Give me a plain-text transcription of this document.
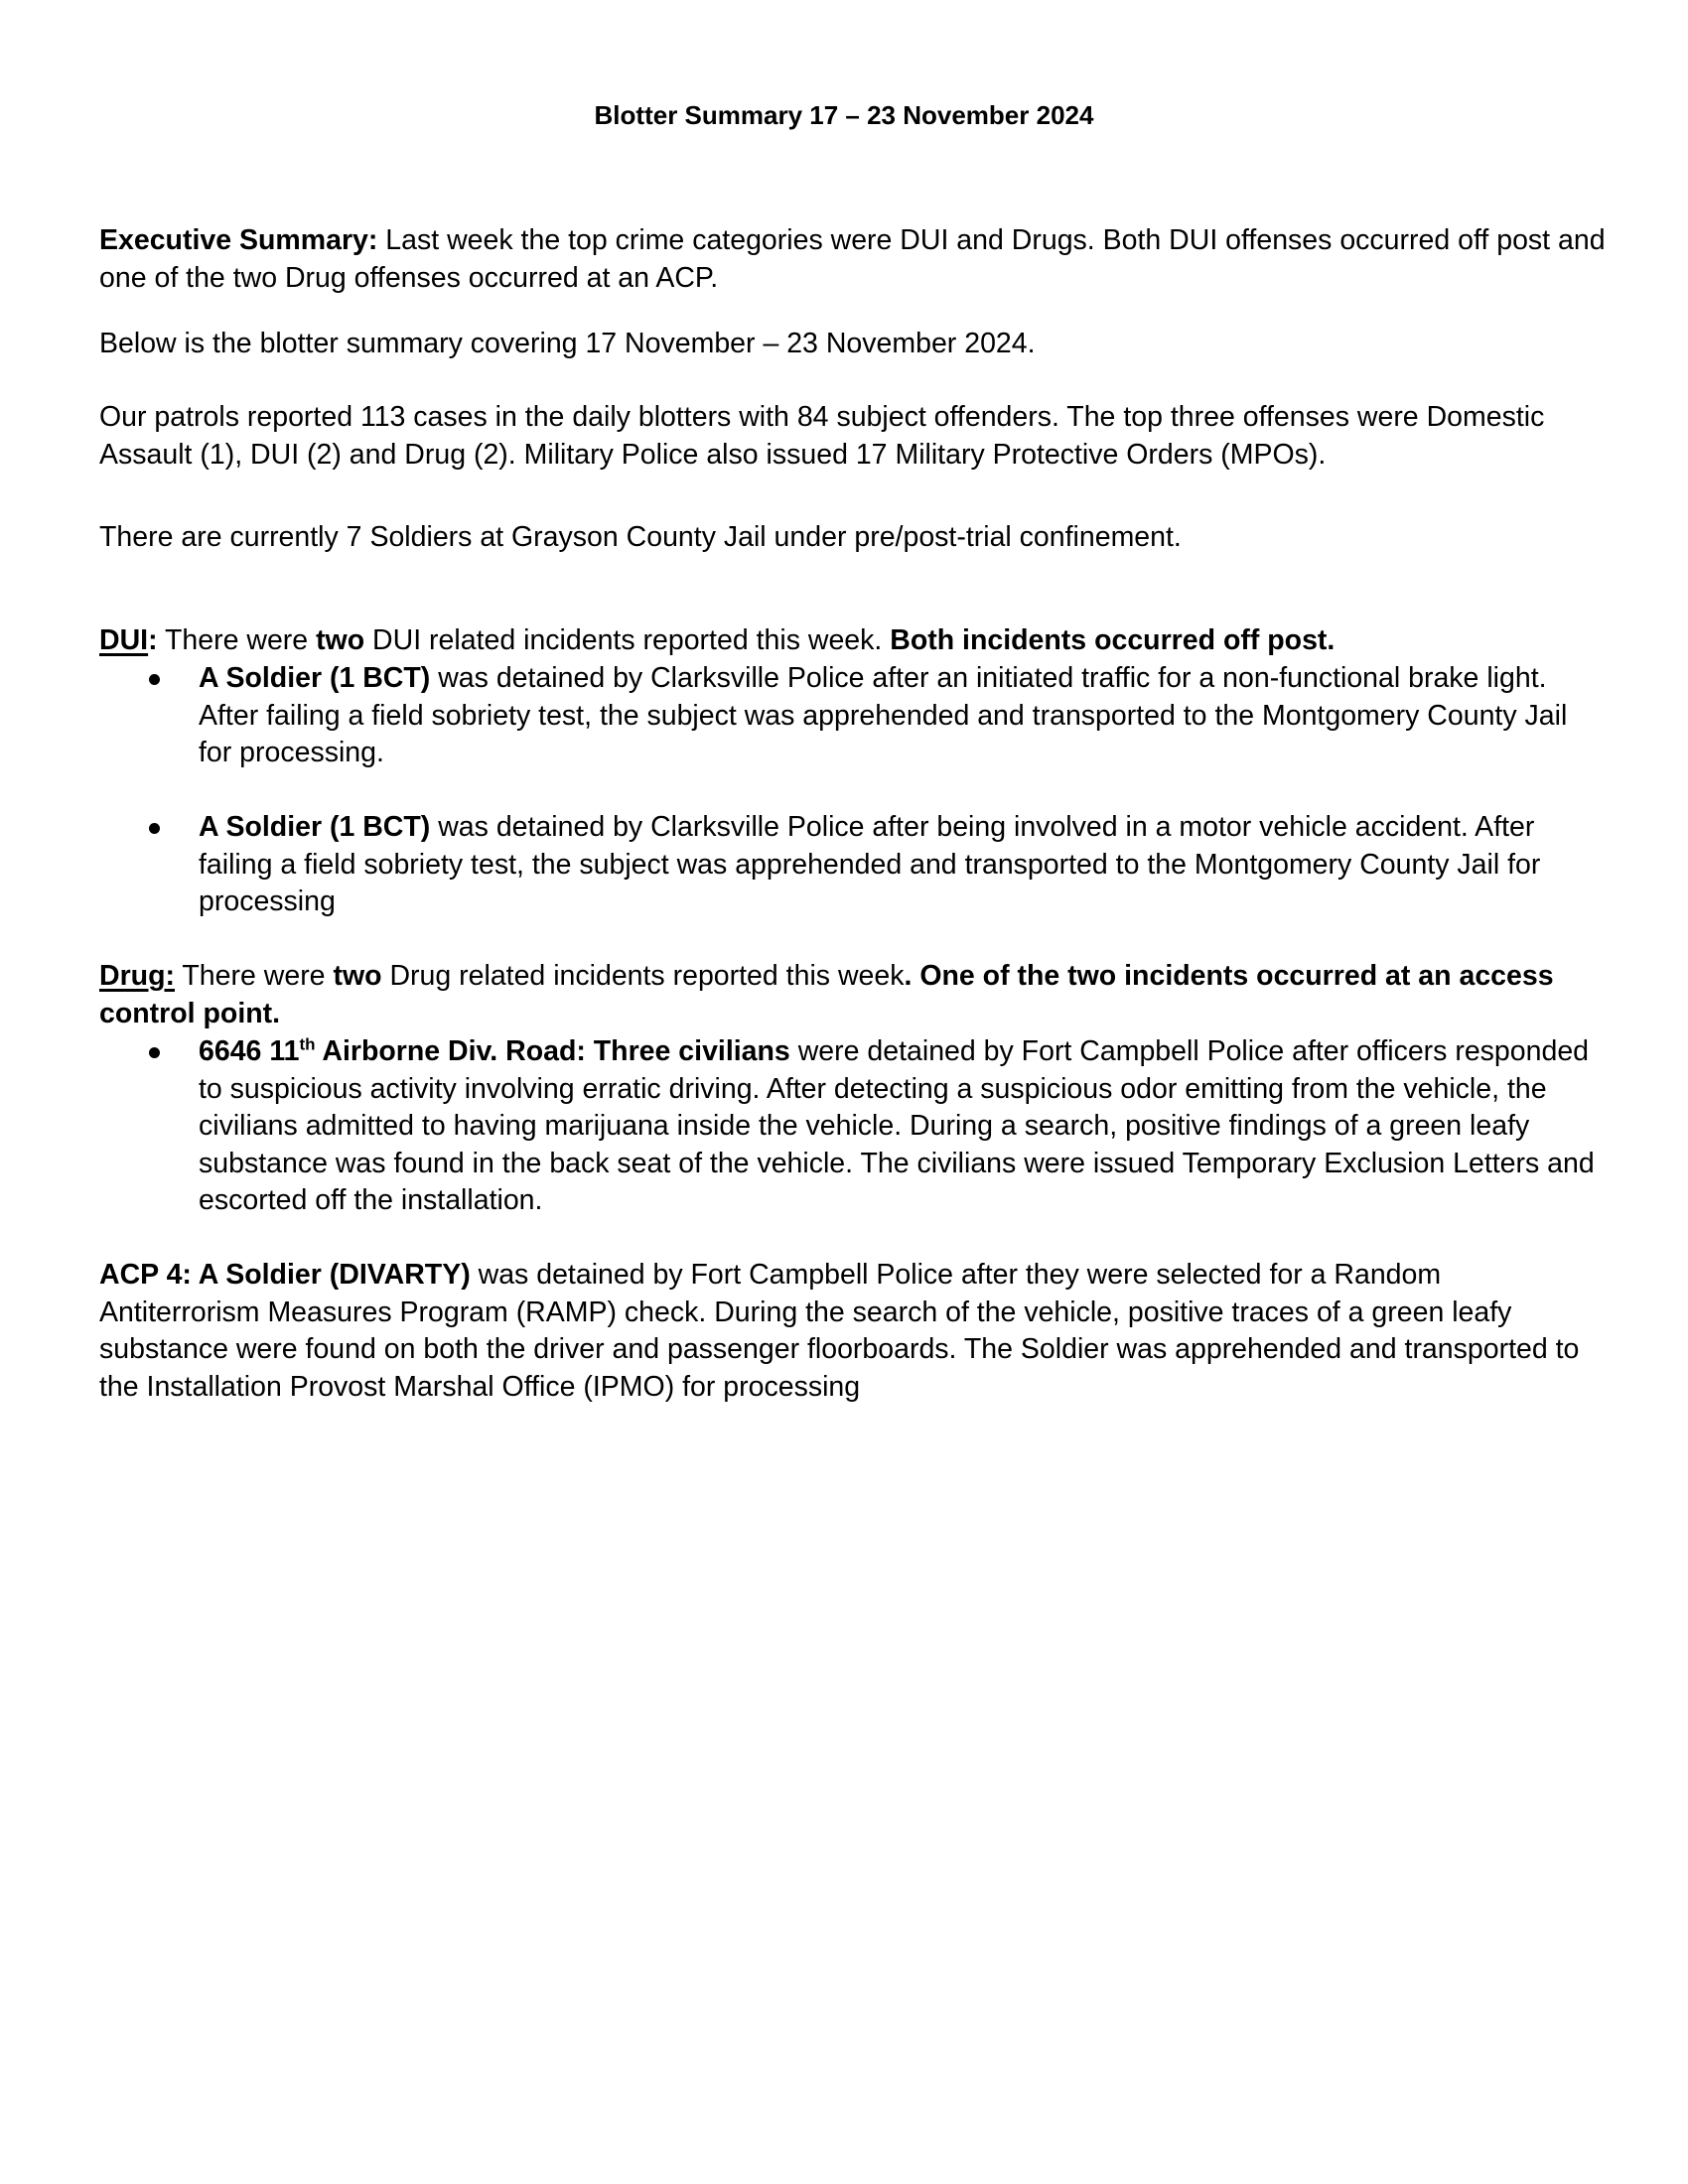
Blotter Summary 17 – 23 November 2024
Executive Summary: Last week the top crime categories were DUI and Drugs. Both DUI offenses occurred off post and one of the two Drug offenses occurred at an ACP.
Below is the blotter summary covering 17 November – 23 November 2024.
Our patrols reported 113 cases in the daily blotters with 84 subject offenders. The top three offenses were Domestic Assault (1), DUI (2) and Drug (2). Military Police also issued 17 Military Protective Orders (MPOs).
There are currently 7 Soldiers at Grayson County Jail under pre/post-trial confinement.
DUI: There were two DUI related incidents reported this week. Both incidents occurred off post.
A Soldier (1 BCT) was detained by Clarksville Police after an initiated traffic for a non-functional brake light. After failing a field sobriety test, the subject was apprehended and transported to the Montgomery County Jail for processing.
A Soldier (1 BCT) was detained by Clarksville Police after being involved in a motor vehicle accident. After failing a field sobriety test, the subject was apprehended and transported to the Montgomery County Jail for processing
Drug: There were two Drug related incidents reported this week. One of the two incidents occurred at an access control point.
6646 11th Airborne Div. Road: Three civilians were detained by Fort Campbell Police after officers responded to suspicious activity involving erratic driving. After detecting a suspicious odor emitting from the vehicle, the civilians admitted to having marijuana inside the vehicle. During a search, positive findings of a green leafy substance was found in the back seat of the vehicle. The civilians were issued Temporary Exclusion Letters and escorted off the installation.
ACP 4: A Soldier (DIVARTY) was detained by Fort Campbell Police after they were selected for a Random Antiterrorism Measures Program (RAMP) check. During the search of the vehicle, positive traces of a green leafy substance were found on both the driver and passenger floorboards. The Soldier was apprehended and transported to the Installation Provost Marshal Office (IPMO) for processing
